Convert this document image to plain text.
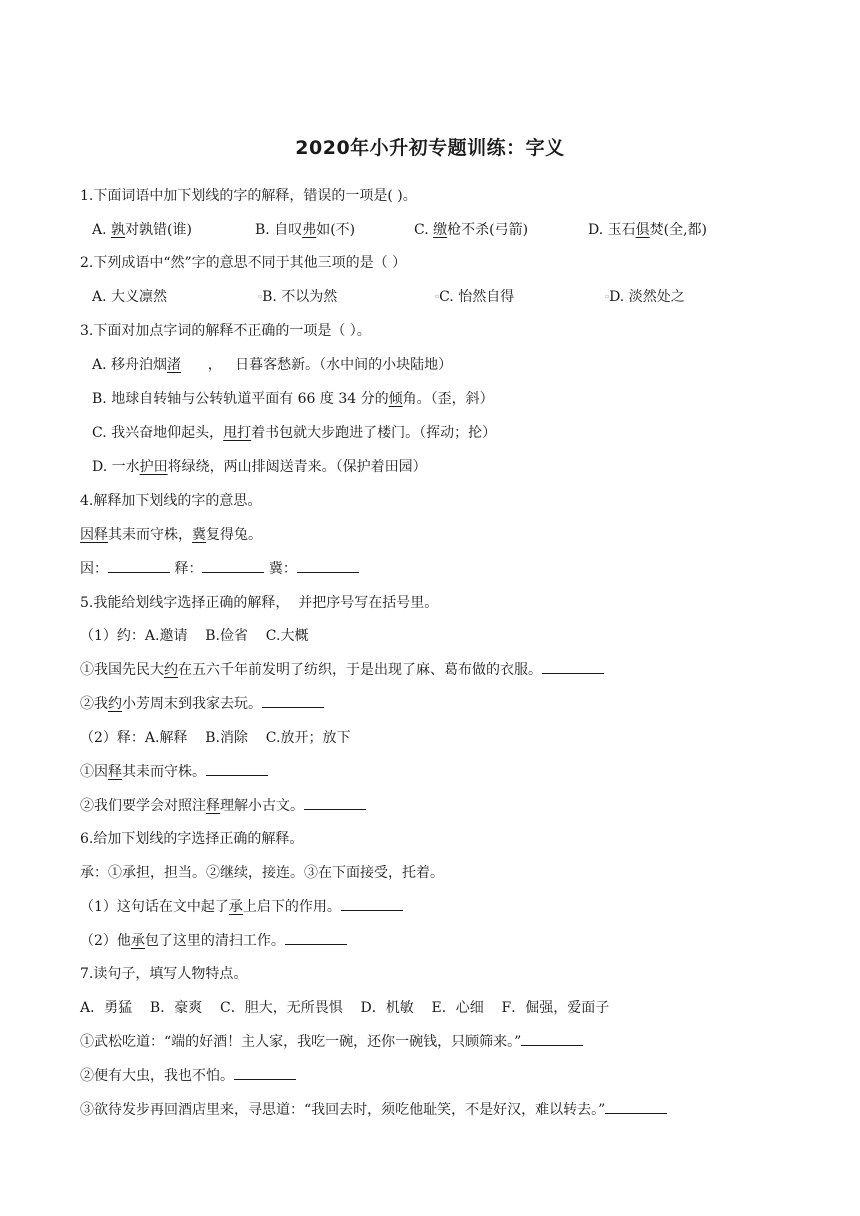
2020年小升初专题训练：字义
1.下面词语中加下划线的字的解释，错误的一项是( )。
A. 孰对孰错(谁)	B. 自叹弗如(不)	C. 缴枪不杀(弓箭)	D. 玉石俱焚(全,都)
2.下列成语中“然”字的意思不同于其他三项的是（ ）
A. 大义凛然	▫B. 不以为然	▫C. 怡然自得	▫D. 淡然处之
3.下面对加点字词的解释不正确的一项是（ ）。
A. 移舟泊烟渚      ，   日暮客愁新。（水中间的小块陆地）
B. 地球自转轴与公转轨道平面有 66 度 34 分的倾角。（歪，斜）
C. 我兴奋地仰起头，甩打着书包就大步跑进了楼门。（挥动；抡）
D. 一水护田将绿绕，两山排闼送青来。（保护着田园）
4.解释加下划线的字的意思。
因释其耒而守株，冀复得兔。
因：	释：	冀：
5.我能给划线字选择正确的解释，  并把序号写在括号里。
（1）约：A.邀请    B.俭省    C.大概
①我国先民大约在五六千年前发明了纺织，于是出现了麻、葛布做的衣服。
②我约小芳周末到我家去玩。
（2）释：A.解释    B.消除    C.放开；放下
①因释其耒而守株。
②我们要学会对照注释理解小古文。
6.给加下划线的字选择正确的解释。
承：①承担，担当。②继续，接连。③在下面接受，托着。
（1）这句话在文中起了承上启下的作用。
（2）他承包了这里的清扫工作。
7.读句子，填写人物特点。
A．勇猛    B．豪爽    C．胆大，无所畏惧    D．机敏    E．心细    F．倔强，爱面子
①武松吃道：“端的好酒！主人家，我吃一碗，还你一碗钱，只顾筛来。”
②便有大虫，我也不怕。
③欲待发步再回酒店里来，寻思道：“我回去时，须吃他耻笑，不是好汉，难以转去。”
